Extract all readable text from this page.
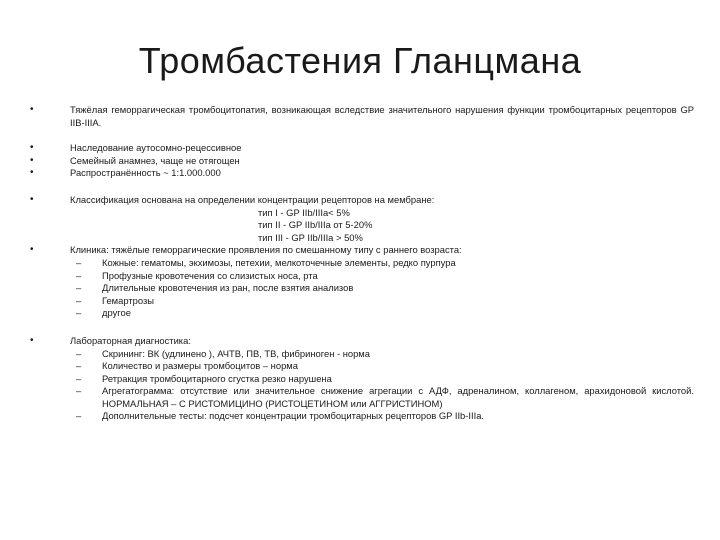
Тромбастения Гланцмана
•	Тяжёлая геморрагическая тромбоцитопатия, возникающая вследствие значительного нарушения функции тромбоцитарных рецепторов GP IIB-IIIA.
•	Наследование аутосомно-рецессивное
•	Семейный анамнез, чаще не отягощен
•	Распространённость ~ 1:1.000.000
•	Классификация основана на определении концентрации рецепторов на мембране:
тип I - GP IIb/IIIa< 5%
тип II - GP IIb/IIIa от 5-20%
тип III - GP IIb/IIIa > 50%
•	Клиника: тяжёлые геморрагические проявления по смешанному типу с раннего возраста:
– Кожные: гематомы, экхимозы, петехии, мелкоточечные элементы, редко пурпура
– Профузные кровотечения со слизистых носа, рта
– Длительные кровотечения из ран, после взятия анализов
– Гемартрозы
– другое
•	Лабораторная диагностика:
– Скрининг: ВК (удлинено ), АЧТВ, ПВ, ТВ, фибриноген - норма
– Количество и размеры тромбоцитов – норма
– Ретракция тромбоцитарного сгустка резко нарушена
– Агрегатограмма: отсутствие или значительное снижение агрегации с АДФ, адреналином, коллагеном, арахидоновой кислотой. НОРМАЛЬНАЯ – С РИСТОМИЦИНО (РИСТОЦЕТИНОМ или АГГРИСТИНОМ)
– Дополнительные тесты: подсчет концентрации тромбоцитарных рецепторов GP IIb-IIIa.
